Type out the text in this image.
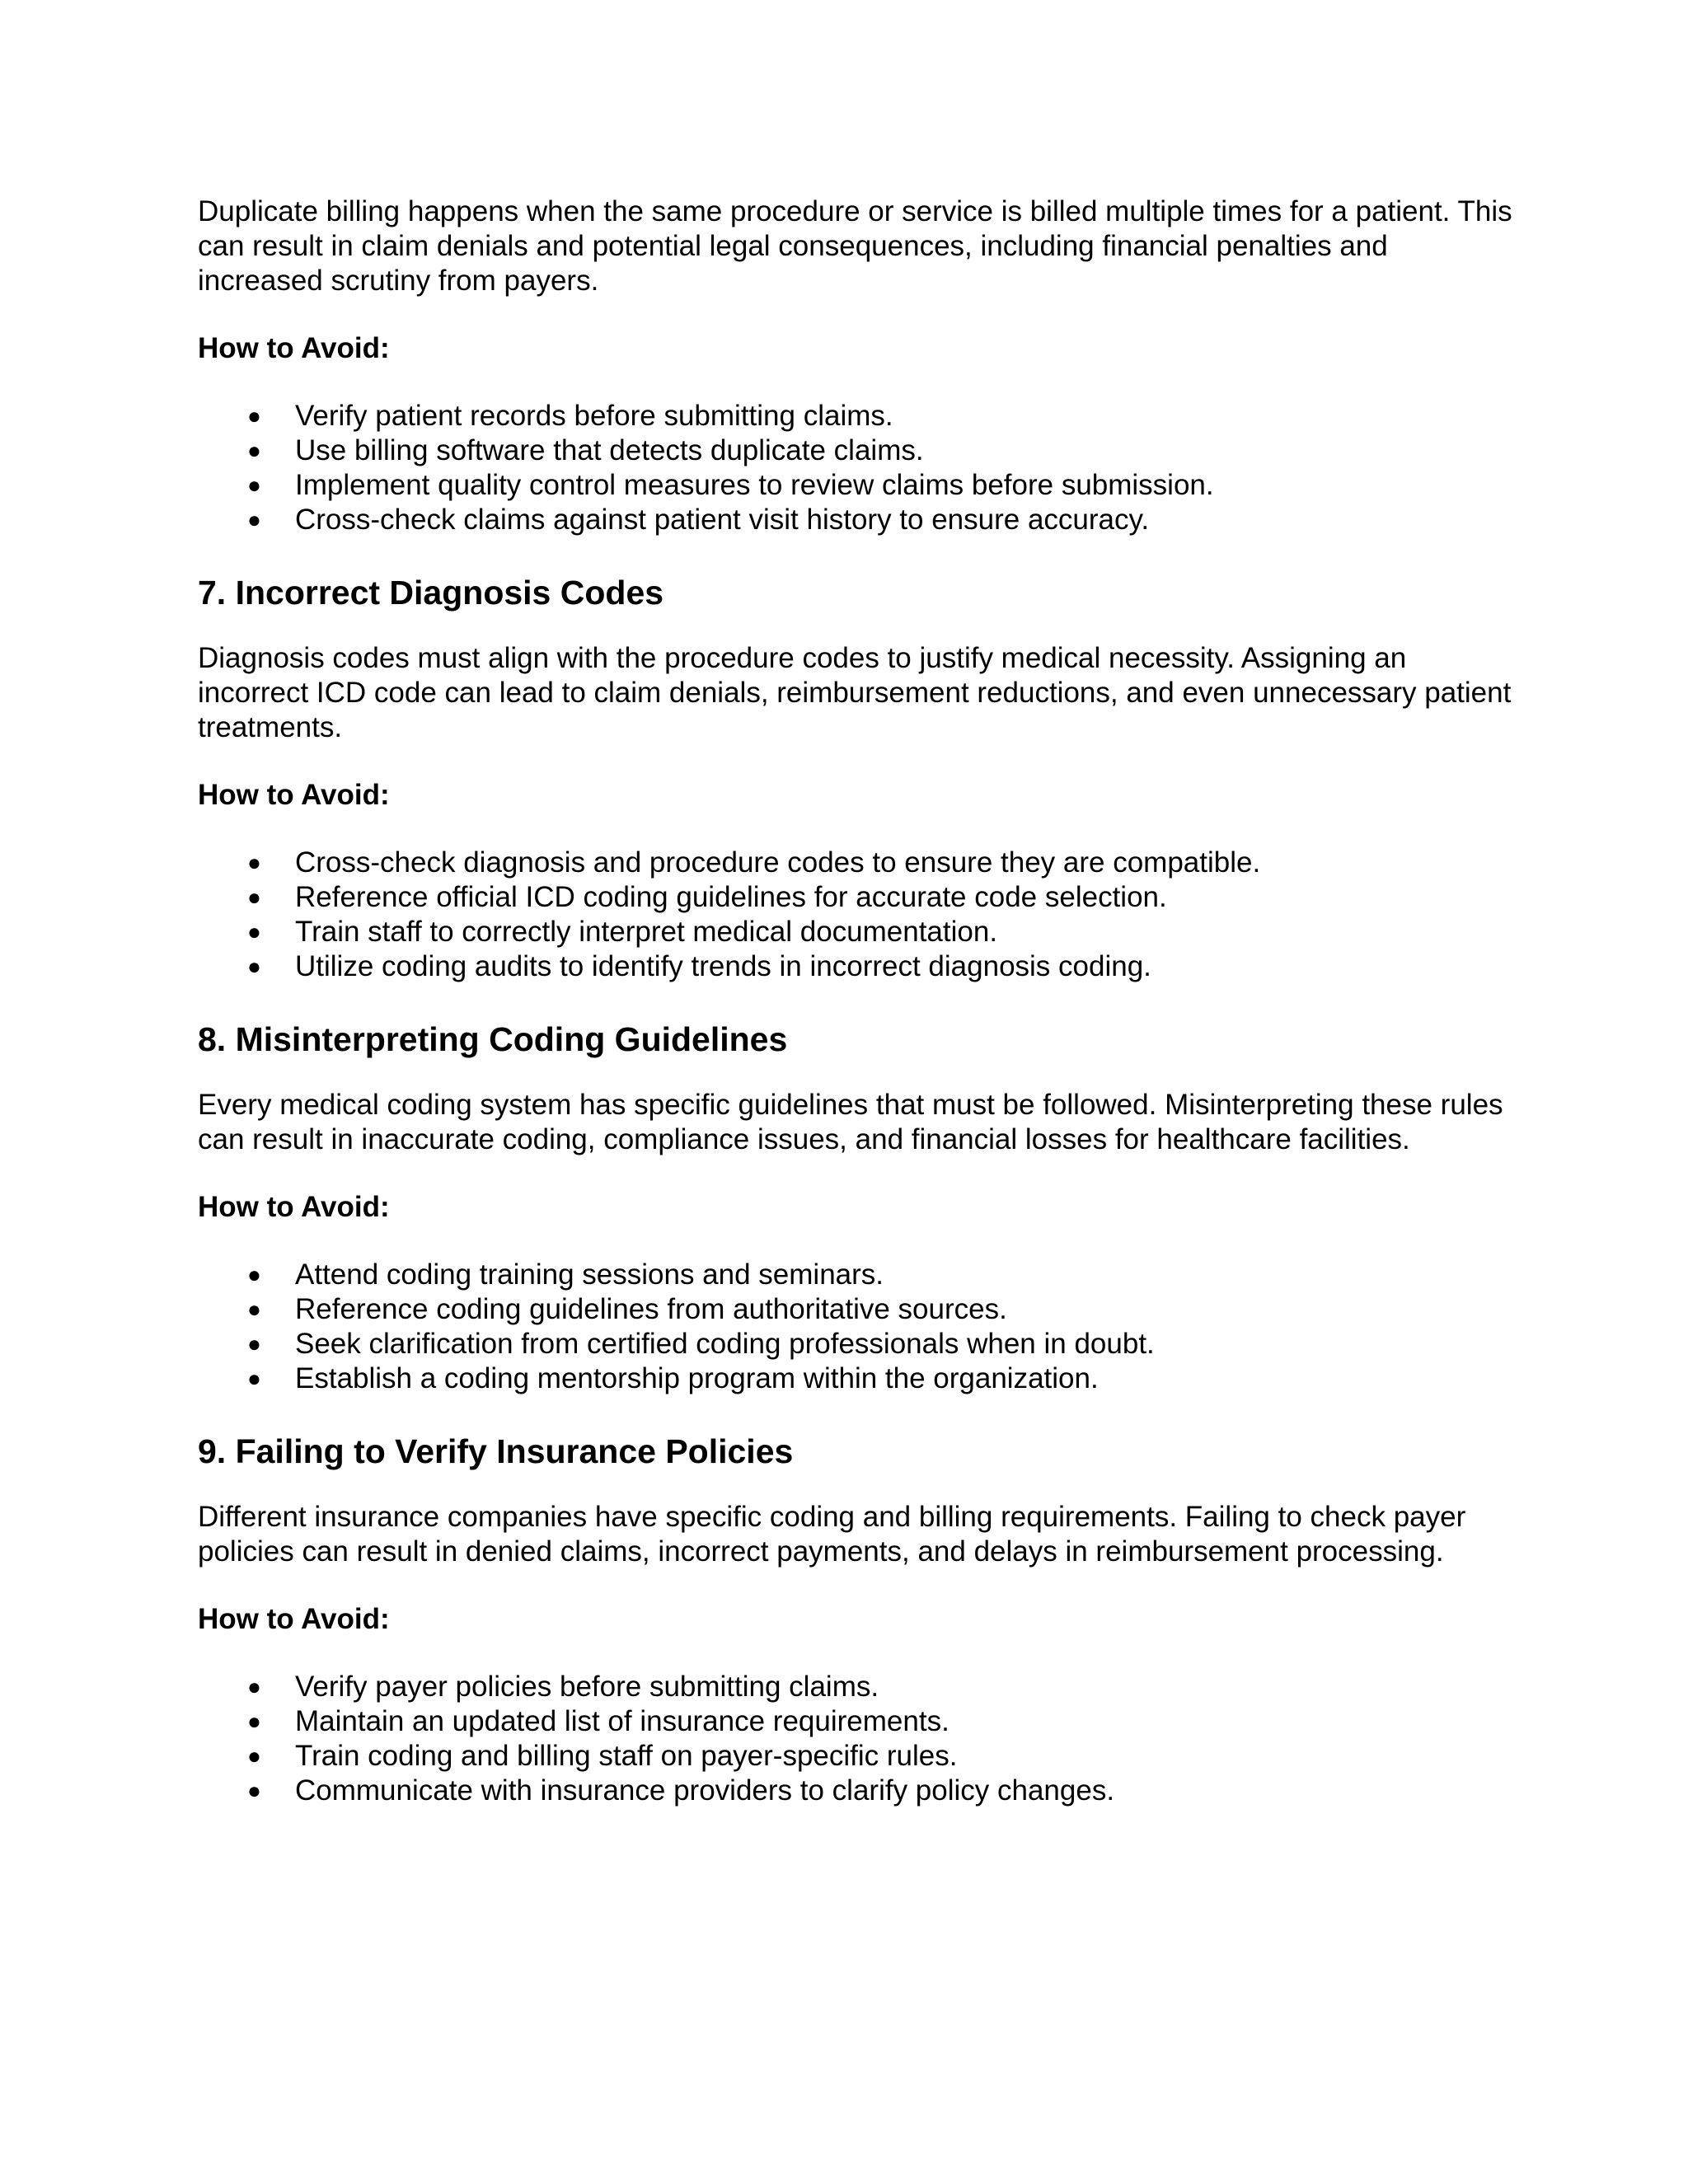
Duplicate billing happens when the same procedure or service is billed multiple times for a patient. This can result in claim denials and potential legal consequences, including financial penalties and increased scrutiny from payers.

How to Avoid:

● Verify patient records before submitting claims.
● Use billing software that detects duplicate claims.
● Implement quality control measures to review claims before submission.
● Cross-check claims against patient visit history to ensure accuracy.
7. Incorrect Diagnosis Codes

Diagnosis codes must align with the procedure codes to justify medical necessity. Assigning an incorrect ICD code can lead to claim denials, reimbursement reductions, and even unnecessary patient treatments.

How to Avoid:

● Cross-check diagnosis and procedure codes to ensure they are compatible.
● Reference official ICD coding guidelines for accurate code selection.
● Train staff to correctly interpret medical documentation.
● Utilize coding audits to identify trends in incorrect diagnosis coding.
8. Misinterpreting Coding Guidelines

Every medical coding system has specific guidelines that must be followed. Misinterpreting these rules can result in inaccurate coding, compliance issues, and financial losses for healthcare facilities.

How to Avoid:

● Attend coding training sessions and seminars.
● Reference coding guidelines from authoritative sources.
● Seek clarification from certified coding professionals when in doubt.
● Establish a coding mentorship program within the organization.
9. Failing to Verify Insurance Policies

Different insurance companies have specific coding and billing requirements. Failing to check payer policies can result in denied claims, incorrect payments, and delays in reimbursement processing.

How to Avoid:

● Verify payer policies before submitting claims.
● Maintain an updated list of insurance requirements.
● Train coding and billing staff on payer-specific rules.
● Communicate with insurance providers to clarify policy changes.
